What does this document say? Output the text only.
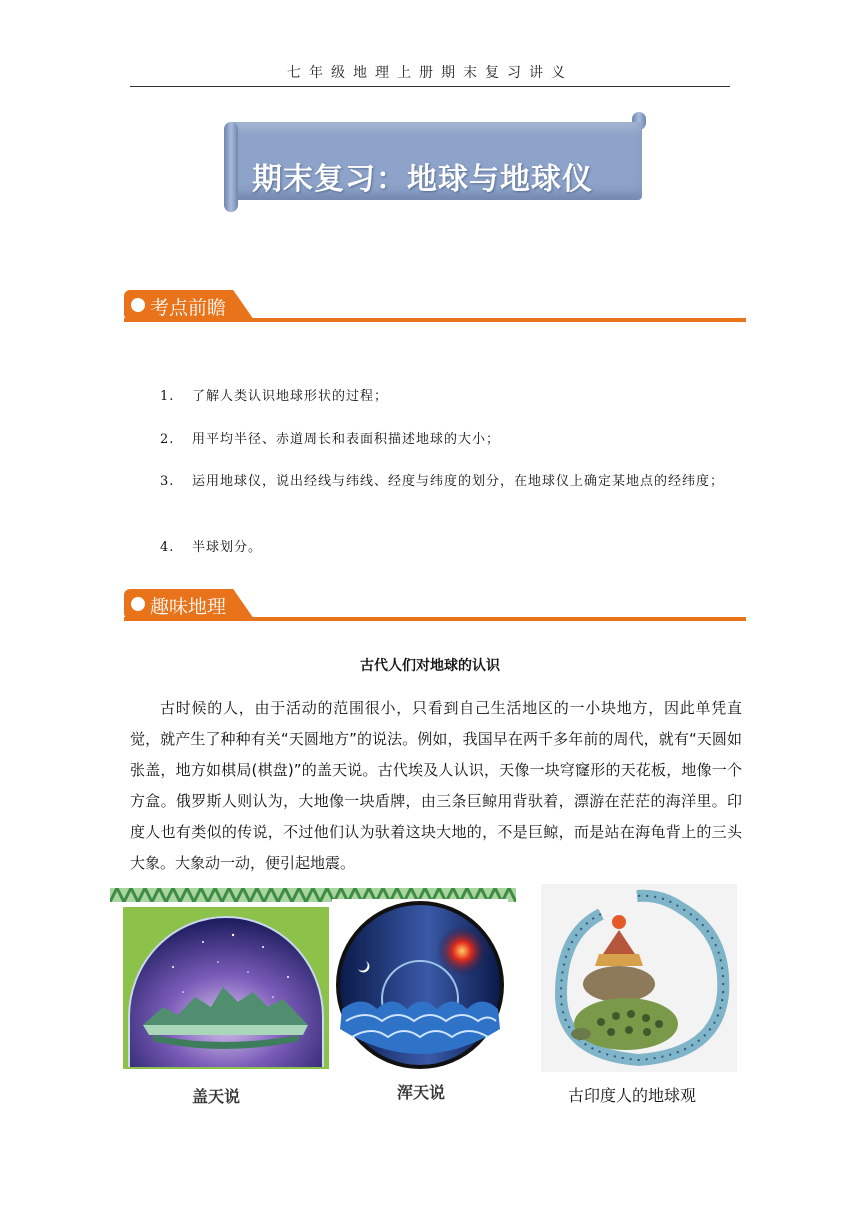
七年级地理上册期末复习讲义
期末复习：地球与地球仪
考点前瞻
1. 了解人类认识地球形状的过程；
2. 用平均半径、赤道周长和表面积描述地球的大小；
3. 运用地球仪，说出经线与纬线、经度与纬度的划分，在地球仪上确定某地点的经纬度；
4. 半球划分。
趣味地理
古代人们对地球的认识
古时候的人，由于活动的范围很小，只看到自己生活地区的一小块地方，因此单凭直觉，就产生了种种有关“天圆地方”的说法。例如，我国早在两千多年前的周代，就有“天圆如张盖，地方如棋局(棋盘)”的盖天说。古代埃及人认识，天像一块穹窿形的天花板，地像一个方盒。俄罗斯人则认为，大地像一块盾牌，由三条巨鲸用背驮着，漂游在茫茫的海洋里。印度人也有类似的传说，不过他们认为驮着这块大地的，不是巨鲸，而是站在海龟背上的三头大象。大象动一动，便引起地震。
盖天说	浑天说	古印度人的地球观
